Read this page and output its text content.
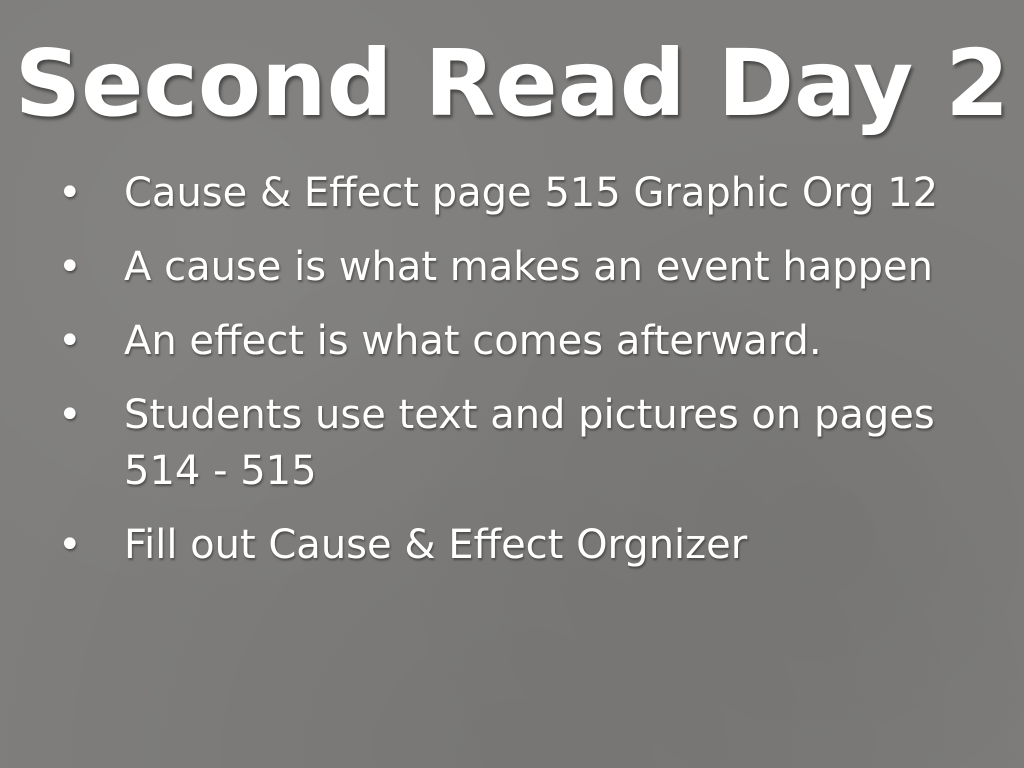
Second Read Day 2
• Cause & Effect page 515 Graphic Org 12
• A cause is what makes an event happen
• An effect is what comes afterward.
• Students use text and pictures on pages 514 - 515
• Fill out Cause & Effect Orgnizer
